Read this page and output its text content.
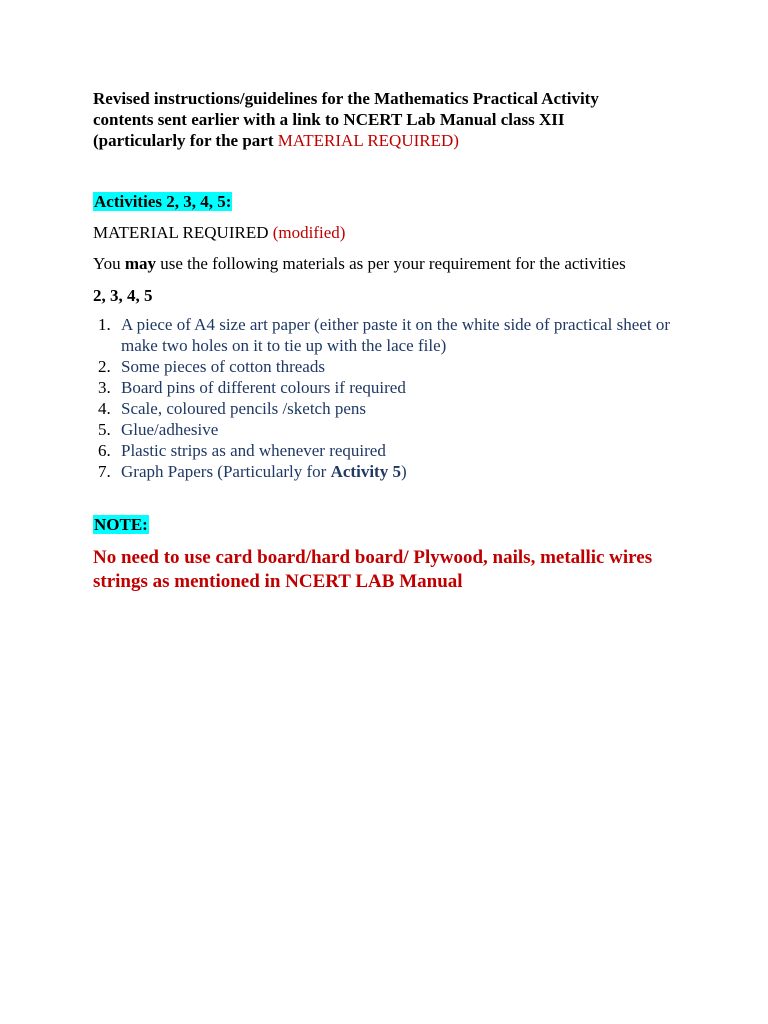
Revised instructions/guidelines for the Mathematics Practical Activity
contents sent earlier with a link to NCERT Lab Manual class XII
(particularly for the part MATERIAL REQUIRED)
Activities 2, 3, 4, 5:
MATERIAL REQUIRED (modified)
You may use the following materials as per your requirement for the activities
2, 3, 4, 5
1. A piece of A4 size art paper (either paste it on the white side of practical sheet or make two holes on it to tie up with the lace file)
2. Some pieces of cotton threads
3. Board pins of different colours if required
4. Scale, coloured pencils /sketch pens
5. Glue/adhesive
6. Plastic strips as and whenever required
7. Graph Papers (Particularly for Activity 5)
NOTE:
No need to use card board/hard board/ Plywood, nails, metallic wires strings as mentioned in NCERT LAB Manual
